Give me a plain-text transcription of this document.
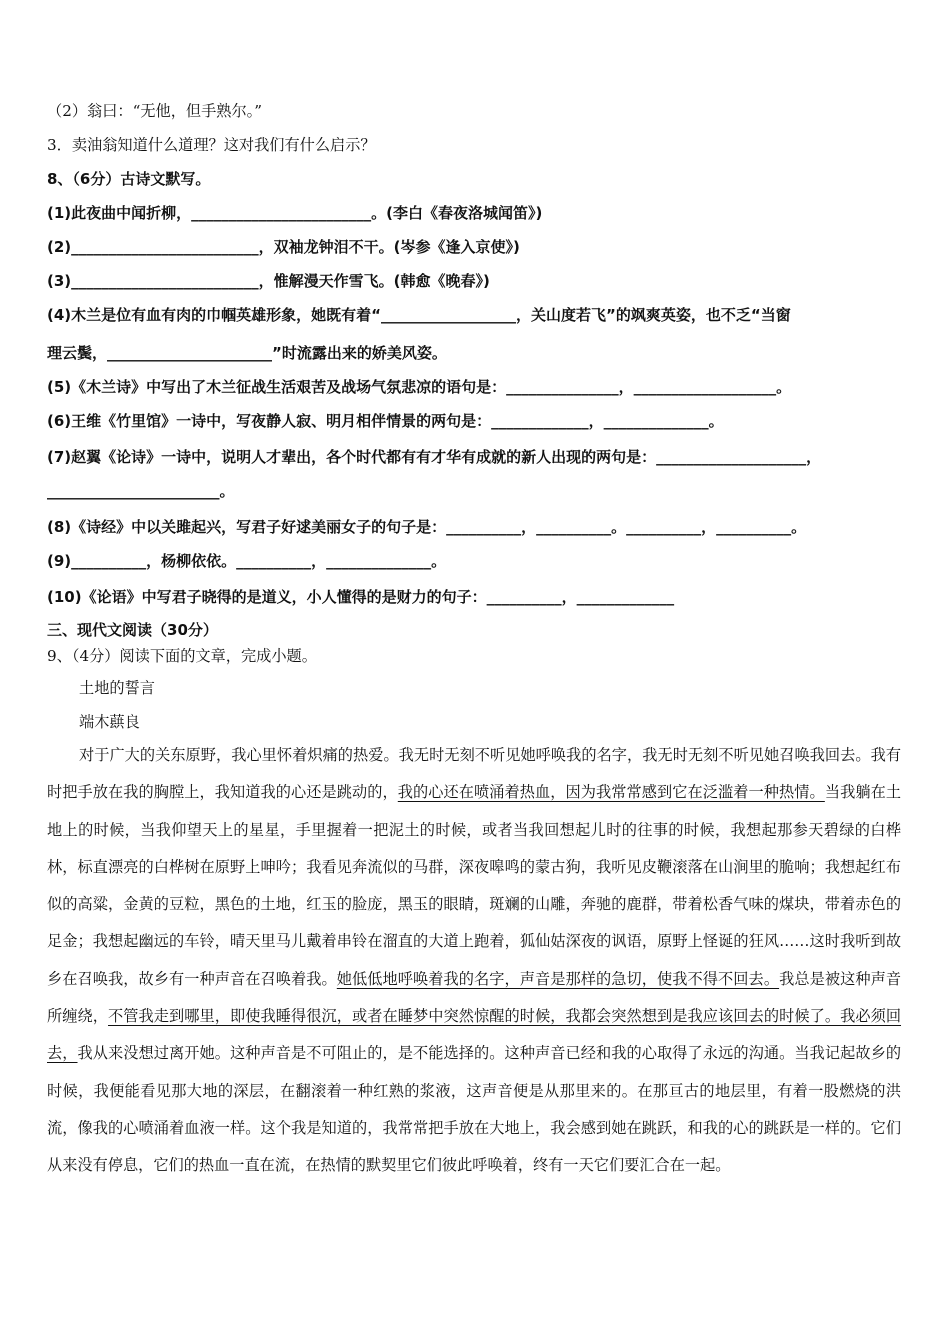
（2）翁曰：“无他，但手熟尔。”
3．卖油翁知道什么道理？这对我们有什么启示？
8、（6分）古诗文默写。
(1)此夜曲中闻折柳，________________________。(李白《春夜洛城闻笛》)
(2)_________________________，双袖龙钟泪不干。(岑参《逢入京使》)
(3)_________________________，惟解漫天作雪飞。(韩愈《晚春》)
(4)木兰是位有血有肉的巾帼英雄形象，她既有着“__________________，关山度若飞”的飒爽英姿，也不乏“当窗
理云鬓，______________________”时流露出来的娇美风姿。
(5)《木兰诗》中写出了木兰征战生活艰苦及战场气氛悲凉的语句是：_______________，___________________。
(6)王维《竹里馆》一诗中，写夜静人寂、明月相伴情景的两句是：_____________，______________。
(7)赵翼《论诗》一诗中，说明人才辈出，各个时代都有有才华有成就的新人出现的两句是：____________________，
_______________________。
(8)《诗经》中以关雎起兴，写君子好逑美丽女子的句子是：__________，__________。__________，__________。
(9)__________，杨柳依依。__________，______________。
(10)《论语》中写君子晓得的是道义，小人懂得的是财力的句子：__________，_____________
三、现代文阅读（30分）
9、（4分）阅读下面的文章，完成小题。
土地的誓言
端木蕻良
对于广大的关东原野，我心里怀着炽痛的热爱。我无时无刻不听见她呼唤我的名字，我无时无刻不听见她召唤我回去。我有时把手放在我的胸膛上，我知道我的心还是跳动的，我的心还在喷涌着热血，因为我常常感到它在泛滥着一种热情。当我躺在土地上的时候，当我仰望天上的星星，手里握着一把泥土的时候，或者当我回想起儿时的往事的时候，我想起那参天碧绿的白桦林，标直漂亮的白桦树在原野上呻吟；我看见奔流似的马群，深夜嗥鸣的蒙古狗，我听见皮鞭滚落在山涧里的脆响；我想起红布似的高粱，金黄的豆粒，黑色的土地，红玉的脸庞，黑玉的眼睛，斑斓的山雕，奔驰的鹿群，带着松香气味的煤块，带着赤色的足金；我想起幽远的车铃，晴天里马儿戴着串铃在溜直的大道上跑着，狐仙姑深夜的讽语，原野上怪诞的狂风……这时我听到故乡在召唤我，故乡有一种声音在召唤着我。她低低地呼唤着我的名字，声音是那样的急切，使我不得不回去。我总是被这种声音所缠绕，不管我走到哪里，即使我睡得很沉，或者在睡梦中突然惊醒的时候，我都会突然想到是我应该回去的时候了。我必须回去，我从来没想过离开她。这种声音是不可阻止的，是不能选择的。这种声音已经和我的心取得了永远的沟通。当我记起故乡的时候，我便能看见那大地的深层，在翻滚着一种红熟的浆液，这声音便是从那里来的。在那亘古的地层里，有着一股燃烧的洪流，像我的心喷涌着血液一样。这个我是知道的，我常常把手放在大地上，我会感到她在跳跃，和我的心的跳跃是一样的。它们从来没有停息，它们的热血一直在流，在热情的默契里它们彼此呼唤着，终有一天它们要汇合在一起。
